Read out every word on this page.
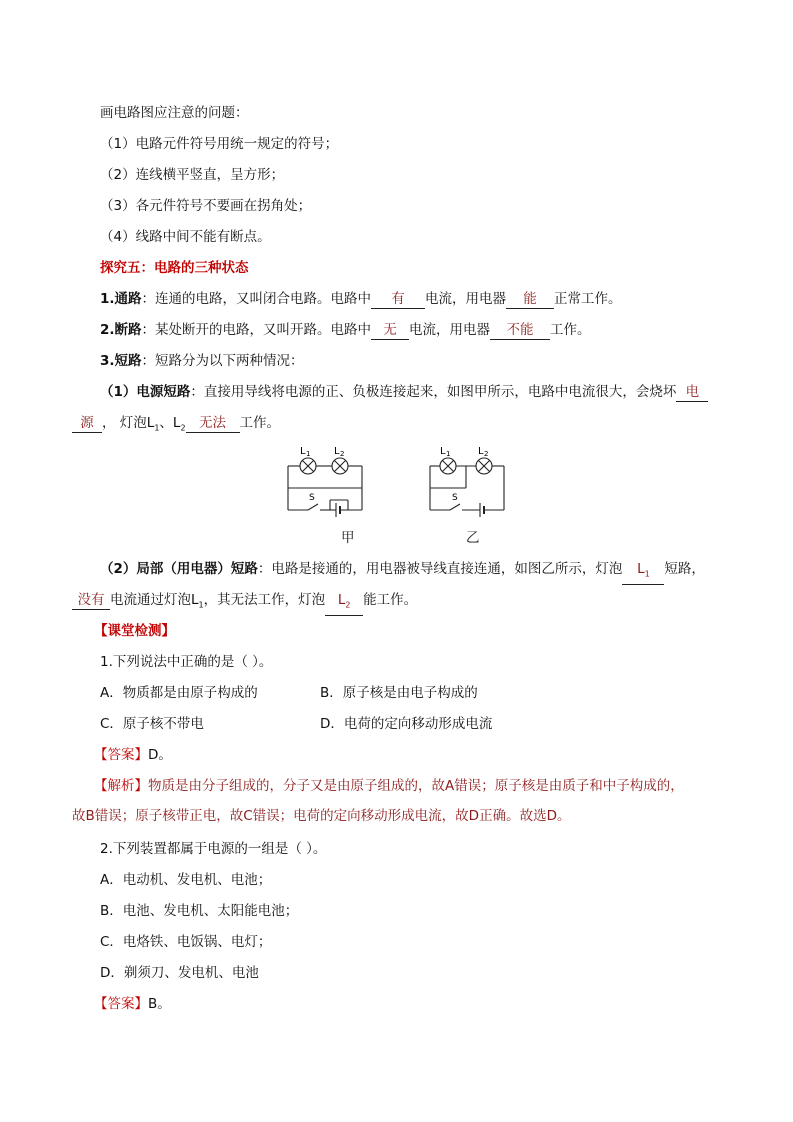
画电路图应注意的问题：
（1）电路元件符号用统一规定的符号；
（2）连线横平竖直，呈方形；
（3）各元件符号不要画在拐角处；
（4）线路中间不能有断点。
探究五：电路的三种状态
1.通路：连通的电路，又叫闭合电路。电路中 有 电流，用电器 能 正常工作。
2.断路：某处断开的电路，又叫开路。电路中 无 电流，用电器 不能 工作。
3.短路：短路分为以下两种情况：
（1）电源短路：直接用导线将电源的正、负极连接起来，如图甲所示，电路中电流很大，会烧坏 电
源 ， 灯泡$L_1$、$L_2$ 无法 工作。
L 1 L 2
S
甲
L 1	L 2
S
乙
（2）局部（用电器）短路：电路是接通的，用电器被导线直接连通，如图乙所示，灯泡 $L_1$ 短路，
没有 电流通过灯泡$L_1$，其无法工作，灯泡 $L_2$ 能工作。
【课堂检测】
1.下列说法中正确的是（ ）。
A．物质都是由原子构成的	B．原子核是由电子构成的
C．原子核不带电	D．电荷的定向移动形成电流
【答案】D。
【解析】物质是由分子组成的，分子又是由原子组成的，故A错误；原子核是由质子和中子构成的，故B错误；原子核带正电，故C错误；电荷的定向移动形成电流，故D正确。故选D。
2.下列装置都属于电源的一组是（ ）。
A．电动机、发电机、电池；
B．电池、发电机、太阳能电池；
C．电烙铁、电饭锅、电灯；
D．剃须刀、发电机、电池
【答案】B。
